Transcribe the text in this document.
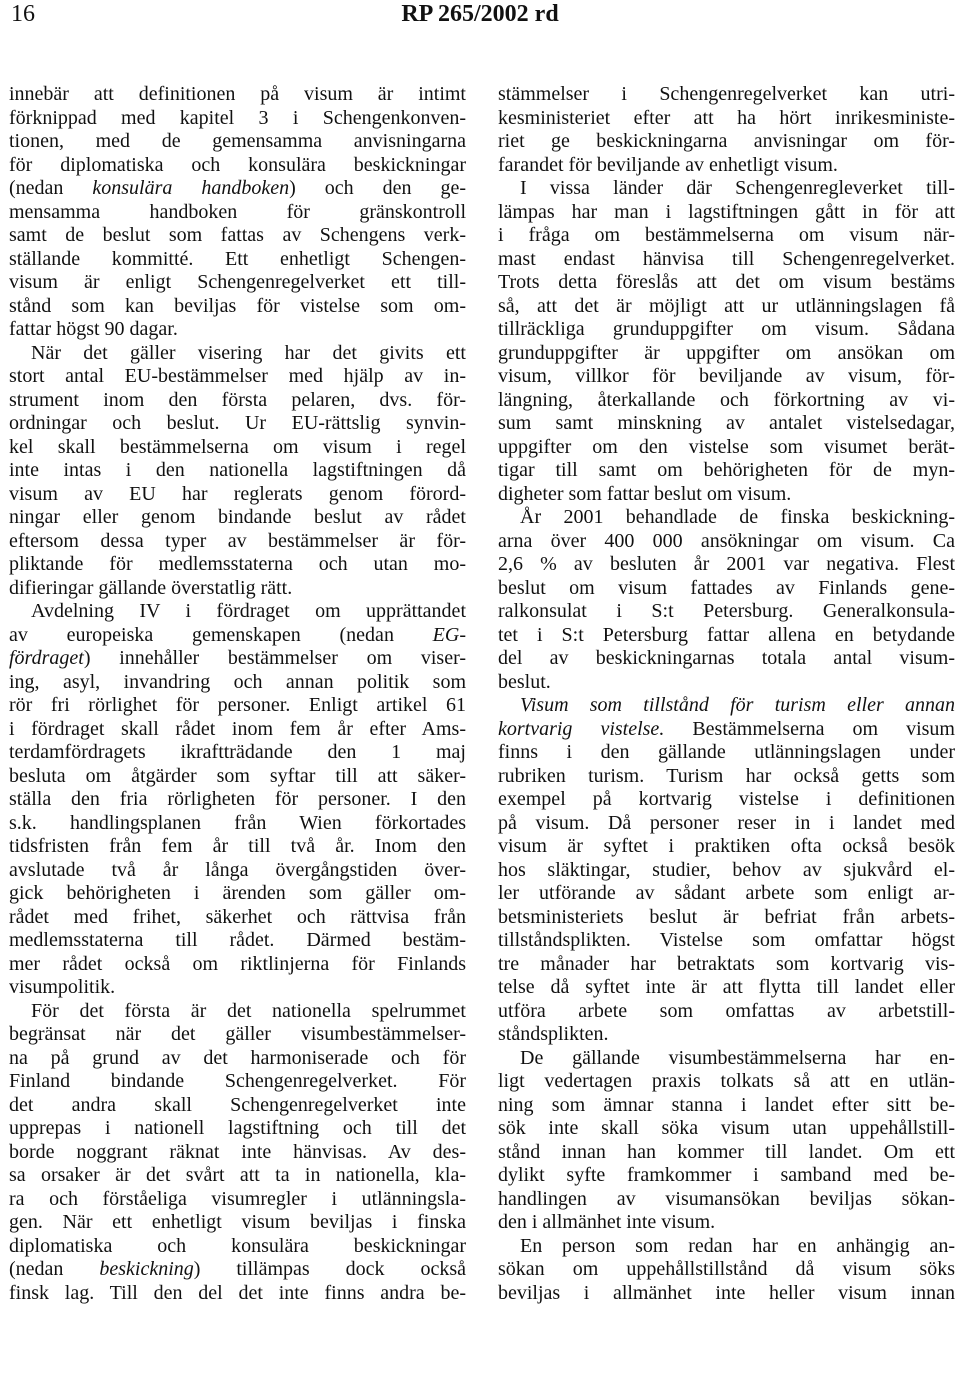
16	RP 265/2002 rd
innebär att definitionen på visum är intimt
förknippad med kapitel 3 i Schengenkonven-
tionen, med de gemensamma anvisningarna
för diplomatiska och konsulära beskickningar
(nedan konsulära handboken) och den ge-
mensamma handboken för gränskontroll
samt de beslut som fattas av Schengens verk-
ställande kommitté. Ett enhetligt Schengen-
visum är enligt Schengenregelverket ett till-
stånd som kan beviljas för vistelse som om-
fattar högst 90 dagar.
När det gäller visering har det givits ett
stort antal EU-bestämmelser med hjälp av in-
strument inom den första pelaren, dvs. för-
ordningar och beslut. Ur EU-rättslig synvin-
kel skall bestämmelserna om visum i regel
inte intas i den nationella lagstiftningen då
visum av EU har reglerats genom förord-
ningar eller genom bindande beslut av rådet
eftersom dessa typer av bestämmelser är för-
pliktande för medlemsstaterna och utan mo-
difieringar gällande överstatlig rätt.
Avdelning IV i fördraget om upprättandet
av europeiska gemenskapen (nedan EG-
fördraget) innehåller bestämmelser om viser-
ing, asyl, invandring och annan politik som
rör fri rörlighet för personer. Enligt artikel 61
i fördraget skall rådet inom fem år efter Ams-
terdamfördragets ikraftträdande den 1 maj
besluta om åtgärder som syftar till att säker-
ställa den fria rörligheten för personer. I den
s.k. handlingsplanen från Wien förkortades
tidsfristen från fem år till två år. Inom den
avslutade två år långa övergångstiden över-
gick behörigheten i ärenden som gäller om-
rådet med frihet, säkerhet och rättvisa från
medlemsstaterna till rådet. Därmed bestäm-
mer rådet också om riktlinjerna för Finlands
visumpolitik.
För det första är det nationella spelrummet
begränsat när det gäller visumbestämmelser-
na på grund av det harmoniserade och för
Finland bindande Schengenregelverket. För
det andra skall Schengenregelverket inte
upprepas i nationell lagstiftning och till det
borde noggrant räknat inte hänvisas. Av des-
sa orsaker är det svårt att ta in nationella, kla-
ra och förståeliga visumregler i utlänningsla-
gen. När ett enhetligt visum beviljas i finska
diplomatiska och konsulära beskickningar
(nedan beskickning) tillämpas dock också
finsk lag. Till den del det inte finns andra be-
stämmelser i Schengenregelverket kan utri-
kesministeriet efter att ha hört inrikesministe-
riet ge beskickningarna anvisningar om för-
farandet för beviljande av enhetligt visum.
I vissa länder där Schengenregleverket till-
lämpas har man i lagstiftningen gått in för att
i fråga om bestämmelserna om visum när-
mast endast hänvisa till Schengenregelverket.
Trots detta föreslås att det om visum bestäms
så, att det är möjligt att ur utlänningslagen få
tillräckliga grunduppgifter om visum. Sådana
grunduppgifter är uppgifter om ansökan om
visum, villkor för beviljande av visum, för-
längning, återkallande och förkortning av vi-
sum samt minskning av antalet vistelsedagar,
uppgifter om den vistelse som visumet berät-
tigar till samt om behörigheten för de myn-
digheter som fattar beslut om visum.
År 2001 behandlade de finska beskickning-
arna över 400 000 ansökningar om visum. Ca
2,6 % av besluten år 2001 var negativa. Flest
beslut om visum fattades av Finlands gene-
ralkonsulat i S:t Petersburg. Generalkonsula-
tet i S:t Petersburg fattar allena en betydande
del av beskickningarnas totala antal visum-
beslut.
Visum som tillstånd för turism eller annan
kortvarig vistelse. Bestämmelserna om visum
finns i den gällande utlänningslagen under
rubriken turism. Turism har också getts som
exempel på kortvarig vistelse i definitionen
på visum. Då personer reser in i landet med
visum är syftet i praktiken ofta också besök
hos släktingar, studier, behov av sjukvård el-
ler utförande av sådant arbete som enligt ar-
betsministeriets beslut är befriat från arbets-
tillståndsplikten. Vistelse som omfattar högst
tre månader har betraktats som kortvarig vis-
telse då syftet inte är att flytta till landet eller
utföra arbete som omfattas av arbetstill-
ståndsplikten.
De gällande visumbestämmelserna har en-
ligt vedertagen praxis tolkats så att en utlän-
ning som ämnar stanna i landet efter sitt be-
sök inte skall söka visum utan uppehållstill-
stånd innan han kommer till landet. Om ett
dylikt syfte framkommer i samband med be-
handlingen av visumansökan beviljas sökan-
den i allmänhet inte visum.
En person som redan har en anhängig an-
sökan om uppehållstillstånd då visum söks
beviljas i allmänhet inte heller visum innan
